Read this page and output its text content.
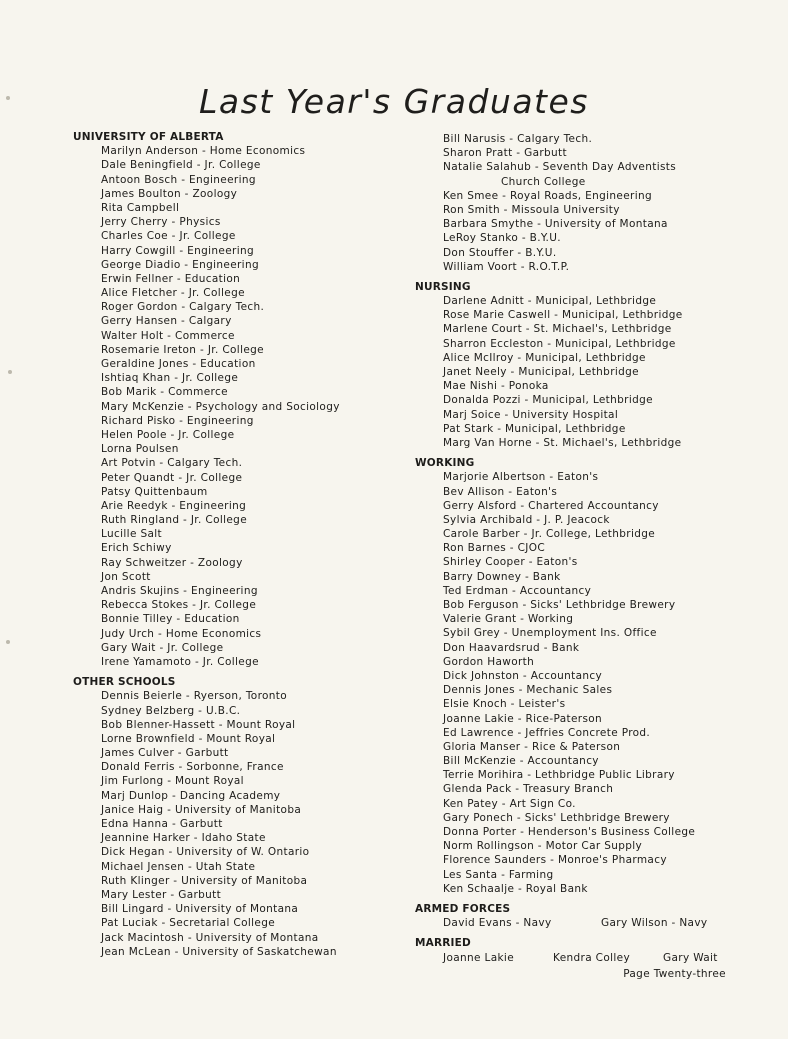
Last Year's Graduates
UNIVERSITY OF ALBERTA
Marilyn Anderson - Home Economics
Dale Beningfield - Jr. College
Antoon Bosch - Engineering
James Boulton - Zoology
Rita Campbell
Jerry Cherry - Physics
Charles Coe - Jr. College
Harry Cowgill - Engineering
George Diadio - Engineering
Erwin Fellner - Education
Alice Fletcher - Jr. College
Roger Gordon - Calgary Tech.
Gerry Hansen - Calgary
Walter Holt - Commerce
Rosemarie Ireton - Jr. College
Geraldine Jones - Education
Ishtiaq Khan - Jr. College
Bob Marik - Commerce
Mary McKenzie - Psychology and Sociology
Richard Pisko - Engineering
Helen Poole - Jr. College
Lorna Poulsen
Art Potvin - Calgary Tech.
Peter Quandt - Jr. College
Patsy Quittenbaum
Arie Reedyk - Engineering
Ruth Ringland - Jr. College
Lucille Salt
Erich Schiwy
Ray Schweitzer - Zoology
Jon Scott
Andris Skujins - Engineering
Rebecca Stokes - Jr. College
Bonnie Tilley - Education
Judy Urch - Home Economics
Gary Wait - Jr. College
Irene Yamamoto - Jr. College
OTHER SCHOOLS
Dennis Beierle - Ryerson, Toronto
Sydney Belzberg - U.B.C.
Bob Blenner-Hassett - Mount Royal
Lorne Brownfield - Mount Royal
James Culver - Garbutt
Donald Ferris - Sorbonne, France
Jim Furlong - Mount Royal
Marj Dunlop - Dancing Academy
Janice Haig - University of Manitoba
Edna Hanna - Garbutt
Jeannine Harker - Idaho State
Dick Hegan - University of W. Ontario
Michael Jensen - Utah State
Ruth Klinger - University of Manitoba
Mary Lester - Garbutt
Bill Lingard - University of Montana
Pat Luciak - Secretarial College
Jack Macintosh - University of Montana
Jean McLean - University of Saskatchewan
Bill Narusis - Calgary Tech.
Sharon Pratt - Garbutt
Natalie Salahub - Seventh Day Adventists
Church College
Ken Smee - Royal Roads, Engineering
Ron Smith - Missoula University
Barbara Smythe - University of Montana
LeRoy Stanko - B.Y.U.
Don Stouffer - B.Y.U.
William Voort - R.O.T.P.
NURSING
Darlene Adnitt - Municipal, Lethbridge
Rose Marie Caswell - Municipal, Lethbridge
Marlene Court - St. Michael's, Lethbridge
Sharron Eccleston - Municipal, Lethbridge
Alice McIlroy - Municipal, Lethbridge
Janet Neely - Municipal, Lethbridge
Mae Nishi - Ponoka
Donalda Pozzi - Municipal, Lethbridge
Marj Soice - University Hospital
Pat Stark - Municipal, Lethbridge
Marg Van Horne - St. Michael's, Lethbridge
WORKING
Marjorie Albertson - Eaton's
Bev Allison - Eaton's
Gerry Alsford - Chartered Accountancy
Sylvia Archibald - J. P. Jeacock
Carole Barber - Jr. College, Lethbridge
Ron Barnes - CJOC
Shirley Cooper - Eaton's
Barry Downey - Bank
Ted Erdman - Accountancy
Bob Ferguson - Sicks' Lethbridge Brewery
Valerie Grant - Working
Sybil Grey - Unemployment Ins. Office
Don Haavardsrud - Bank
Gordon Haworth
Dick Johnston - Accountancy
Dennis Jones - Mechanic Sales
Elsie Knoch - Leister's
Joanne Lakie - Rice-Paterson
Ed Lawrence - Jeffries Concrete Prod.
Gloria Manser - Rice & Paterson
Bill McKenzie - Accountancy
Terrie Morihira - Lethbridge Public Library
Glenda Pack - Treasury Branch
Ken Patey - Art Sign Co.
Gary Ponech - Sicks' Lethbridge Brewery
Donna Porter - Henderson's Business College
Norm Rollingson - Motor Car Supply
Florence Saunders - Monroe's Pharmacy
Les Santa - Farming
Ken Schaalje - Royal Bank
ARMED FORCES
David Evans - Navy	Gary Wilson - Navy
MARRIED
Joanne Lakie	Kendra Colley	Gary Wait
Page Twenty-three
